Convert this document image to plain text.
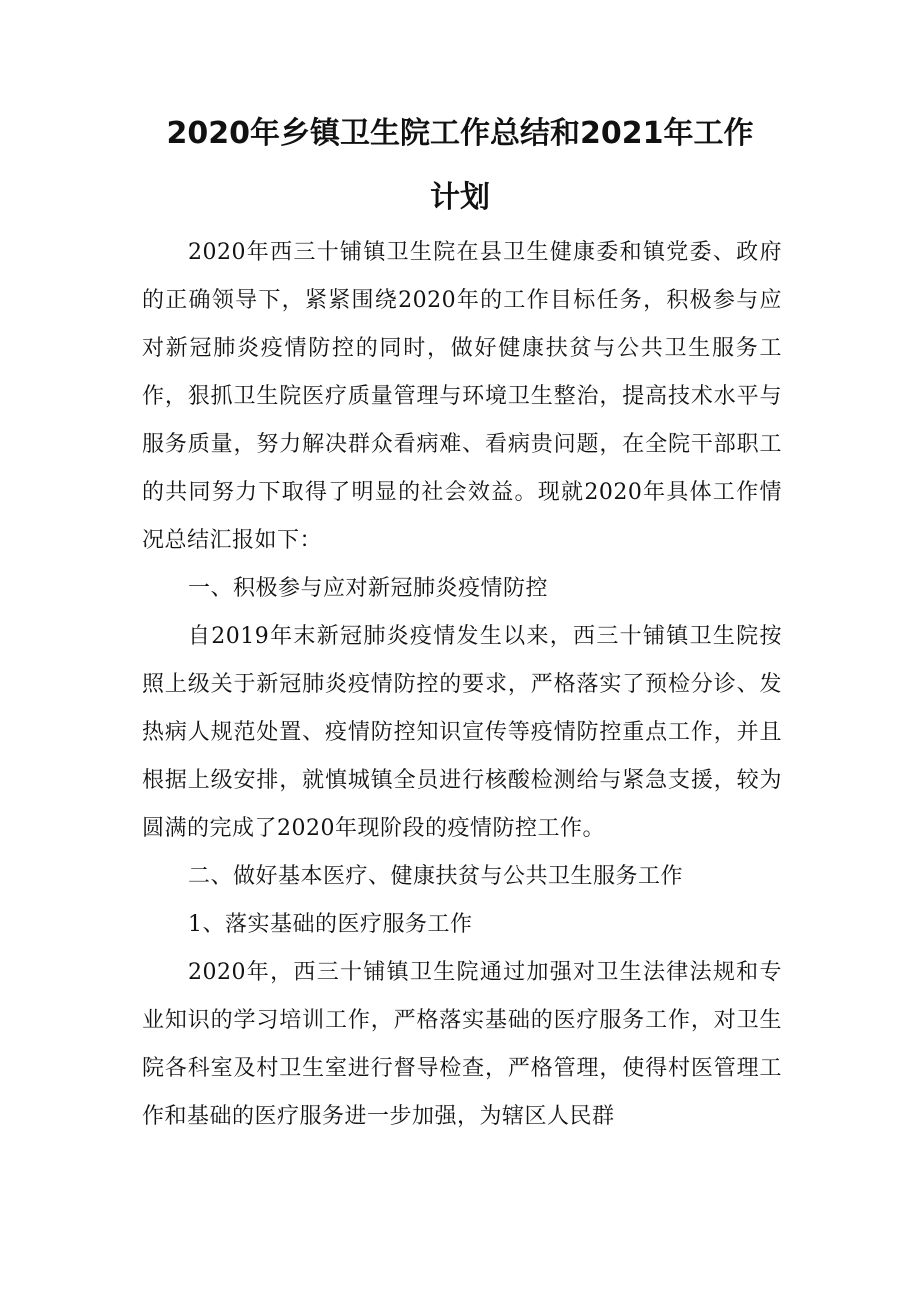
2020年乡镇卫生院工作总结和2021年工作
计划

2020年西三十铺镇卫生院在县卫生健康委和镇党委、政府的正确领导下，紧紧围绕2020年的工作目标任务，积极参与应对新冠肺炎疫情防控的同时，做好健康扶贫与公共卫生服务工作，狠抓卫生院医疗质量管理与环境卫生整治，提高技术水平与服务质量，努力解决群众看病难、看病贵问题，在全院干部职工的共同努力下取得了明显的社会效益。现就2020年具体工作情况总结汇报如下：

一、积极参与应对新冠肺炎疫情防控

自2019年末新冠肺炎疫情发生以来，西三十铺镇卫生院按照上级关于新冠肺炎疫情防控的要求，严格落实了预检分诊、发热病人规范处置、疫情防控知识宣传等疫情防控重点工作，并且根据上级安排，就慎城镇全员进行核酸检测给与紧急支援，较为圆满的完成了2020年现阶段的疫情防控工作。

二、做好基本医疗、健康扶贫与公共卫生服务工作

1、落实基础的医疗服务工作

2020年，西三十铺镇卫生院通过加强对卫生法律法规和专业知识的学习培训工作，严格落实基础的医疗服务工作，对卫生院各科室及村卫生室进行督导检查，严格管理，使得村医管理工作和基础的医疗服务进一步加强，为辖区人民群
